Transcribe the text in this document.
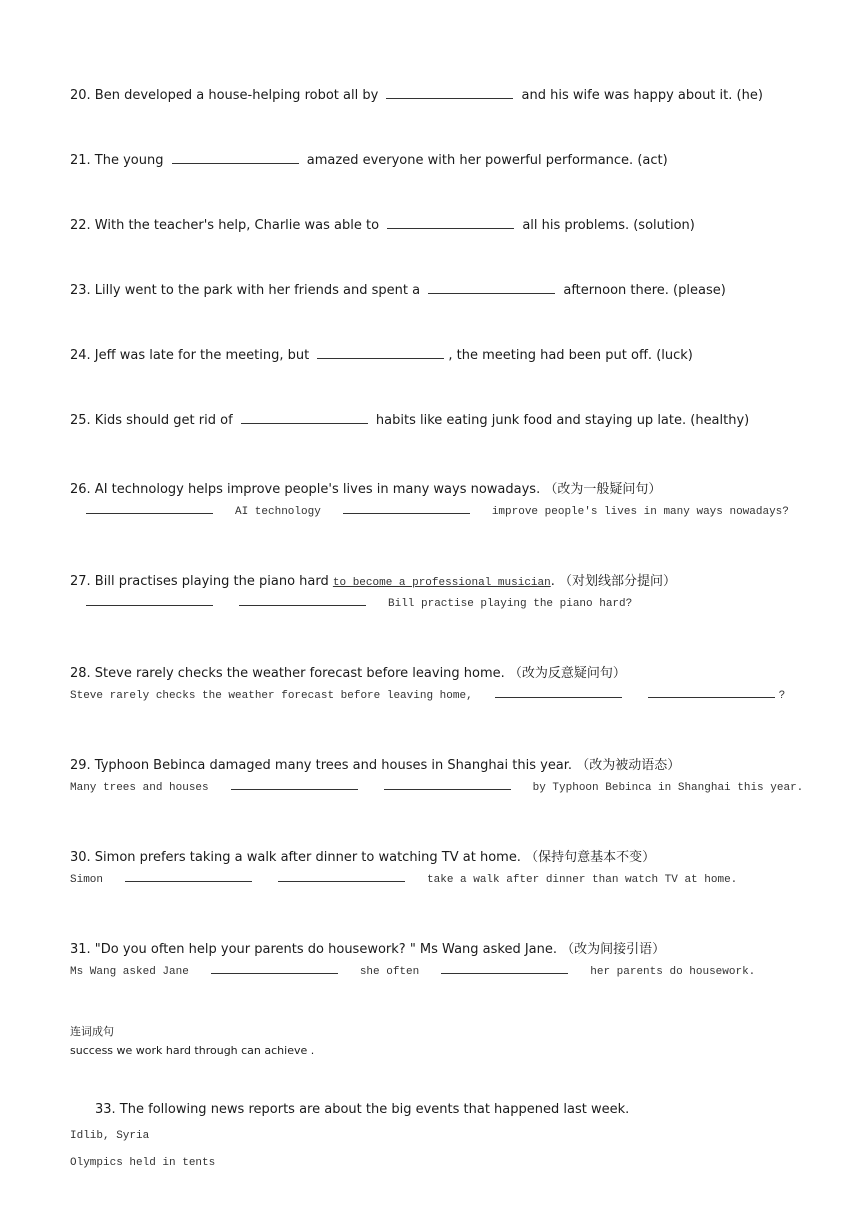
20. Ben developed a house-helping robot all by	and his wife was happy about it. (he)
21. The young	amazed everyone with her powerful performance. (act)
22. With the teacher's help, Charlie was able to	all his problems. (solution)
23. Lilly went to the park with her friends and spent a	afternoon there. (please)
24. Jeff was late for the meeting, but	, the meeting had been put off. (luck)
25. Kids should get rid of	habits like eating junk food and staying up late. (healthy)
26. AI technology helps improve people's lives in many ways nowadays. （改为一般疑问句）
AI technology	improve people's lives in many ways nowadays?
27. Bill practises playing the piano hard to become a professional musician. （对划线部分提问）
Bill practise playing the piano hard?
28. Steve rarely checks the weather forecast before leaving home. （改为反意疑问句）
Steve rarely checks the weather forecast before leaving home,	?
29. Typhoon Bebinca damaged many trees and houses in Shanghai this year. （改为被动语态）
Many trees and houses	by Typhoon Bebinca in Shanghai this year.
30. Simon prefers taking a walk after dinner to watching TV at home. （保持句意基本不变）
Simon	take a walk after dinner than watch TV at home.
31. "Do you often help your parents do housework? " Ms Wang asked Jane. （改为间接引语）
Ms Wang asked Jane	she often	her parents do housework.
连词成句
success we work hard through can achieve .
33. The following news reports are about the big events that happened last week.
Idlib, Syria
Olympics held in tents
